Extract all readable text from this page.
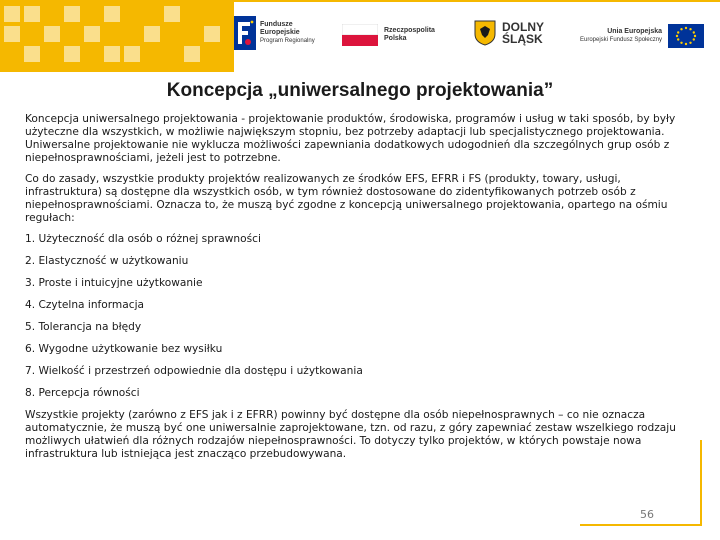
Fundusze
Europejskie
Program Regionalny
Rzeczpospolita
Polska
DOLNY
ŚLĄSK
Unia Europejska
Europejski Fundusz Społeczny
Koncepcja „uniwersalnego projektowania”

Koncepcja uniwersalnego projektowania - projektowanie produktów, środowiska, programów i usług w taki sposób, by były użyteczne dla wszystkich, w możliwie największym stopniu, bez potrzeby adaptacji lub specjalistycznego projektowania. Uniwersalne projektowanie nie wyklucza możliwości zapewniania dodatkowych udogodnień dla szczególnych grup osób z niepełnosprawnościami, jeżeli jest to potrzebne.

Co do zasady, wszystkie produkty projektów realizowanych ze środków EFS, EFRR i FS (produkty, towary, usługi, infrastruktura) są dostępne dla wszystkich osób, w tym również dostosowane do zidentyfikowanych potrzeb osób z niepełnosprawnościami. Oznacza to, że muszą być zgodne z koncepcją uniwersalnego projektowania, opartego na ośmiu regułach:

1. Użyteczność dla osób o różnej sprawności
2. Elastyczność w użytkowaniu
3. Proste i intuicyjne użytkowanie
4. Czytelna informacja
5. Tolerancja na błędy
6. Wygodne użytkowanie bez wysiłku
7. Wielkość i przestrzeń odpowiednie dla dostępu i użytkowania
8. Percepcja równości

Wszystkie projekty (zarówno z EFS jak i z EFRR) powinny być dostępne dla osób niepełnosprawnych – co nie oznacza automatycznie, że muszą być one uniwersalnie zaprojektowane, tzn. od razu, z góry zapewniać zestaw wszelkiego rodzaju możliwych ułatwień dla różnych rodzajów niepełnosprawności. To dotyczy tylko projektów, w których powstaje nowa infrastruktura lub istniejąca jest znacząco przebudowywana.

56
